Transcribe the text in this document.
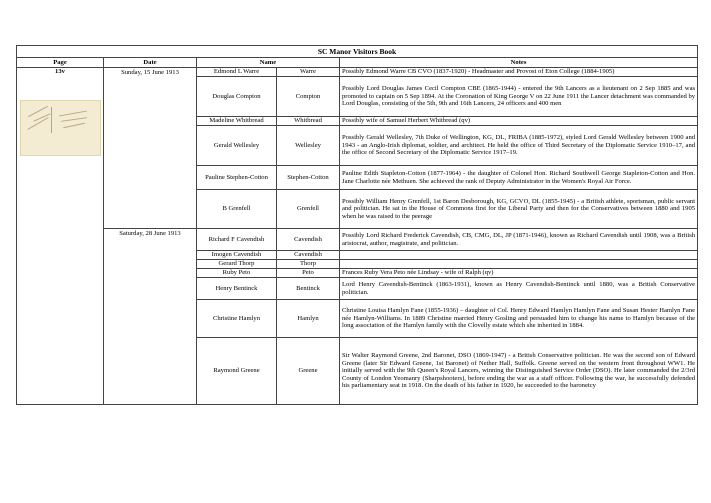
SC Manor Visitors Book				
Page	Date	Name		Notes

13v	Sunday, 15 June 1913	Edmond L Warre	Warre	Possibly Edmond Warre CB CVO (1837-1920) - Headmaster and Provost of Eton College (1884-1905)
		Douglas Compton	Compton	Possibly Lord Douglas James Cecil Compton CBE (1865-1944) - entered the 9th Lancers as a lieutenant on 2 Sep 1885 and was promoted to captain on 5 Sep 1894. At the Coronation of King George V on 22 June 1911 the Lancer detachment was commanded by Lord Douglas, consisting of the 5th, 9th and 16th Lancers, 24 officers and 400 men
		Madeline Whitbread	Whitbread	Possibly wife of Samuel Herbert Whitbread (qv)
		Gerald Wellesley	Wellesley	Possibly Gerald Wellesley, 7th Duke of Wellington, KG, DL, FRIBA (1885-1972), styled Lord Gerald Wellesley between 1900 and 1943 - an Anglo-Irish diplomat, soldier, and architect. He held the office of Third Secretary of the Diplomatic Service 1910–17, and the office of Second Secretary of the Diplomatic Service 1917–19.
		Pauline Stephen-Cotton	Stephen-Cotton	Pauline Edith Stapleton-Cotton (1877-1964) - the daughter of Colonel Hon. Richard Southwell George Stapleton-Cotton and Hon. Jane Charlotte née Methuen. She achieved the rank of Deputy Administrator in the Women's Royal Air Force.
		B Grenfell	Grenfell	Possibly William Henry Grenfell, 1st Baron Desborough, KG, GCVO, DL (1855-1945) - a British athlete, sportsman, public servant and politician. He sat in the House of Commons first for the Liberal Party and then for the Conservatives between 1880 and 1905 when he was raised to the peerage
	Saturday, 28 June 1913	Richard F Cavendish	Cavendish	Possibly Lord Richard Frederick Cavendish, CB, CMG, DL, JP (1871-1946), known as Richard Cavendish until 1908, was a British aristocrat, author, magistrate, and politician.
		Imogen Cavendish	Cavendish	
		Gerard Thorp	Thorp	
		Ruby Peto	Peto	Frances Ruby Vera Peto née Lindsay - wife of Ralph (qv)
		Henry Bentinck	Bentinck	Lord Henry Cavendish-Bentinck (1863-1931), known as Henry Cavendish-Bentinck until 1880, was a British Conservative politician.
		Christine Hamlyn	Hamlyn	Christine Louisa Hamlyn Fane (1855-1936) – daughter of Col. Henry Edward Hamlyn Hamlyn Fane and Susan Hester Hamlyn Fane née Hamlyn-Williams. In 1889 Christine married Henry Gosling and persuaded him to change his name to Hamlyn because of the long association of the Hamlyn family with the Clovelly estate which she inherited in 1884.
		Raymond Greene	Greene	Sir Walter Raymond Greene, 2nd Baronet, DSO (1869-1947) - a British Conservative politician. He was the second son of Edward Greene (later Sir Edward Greene, 1st Baronet) of Nether Hall, Suffolk. Greene served on the western front throughout WW1. He initially served with the 9th Queen's Royal Lancers, winning the Distinguished Service Order (DSO). He later commanded the 2/3rd County of London Yeomanry (Sharpshooters), before ending the war as a staff officer. Following the war, he successfully defended his parliamentary seat in 1918. On the death of his father in 1920, he succeeded to the baronetcy
